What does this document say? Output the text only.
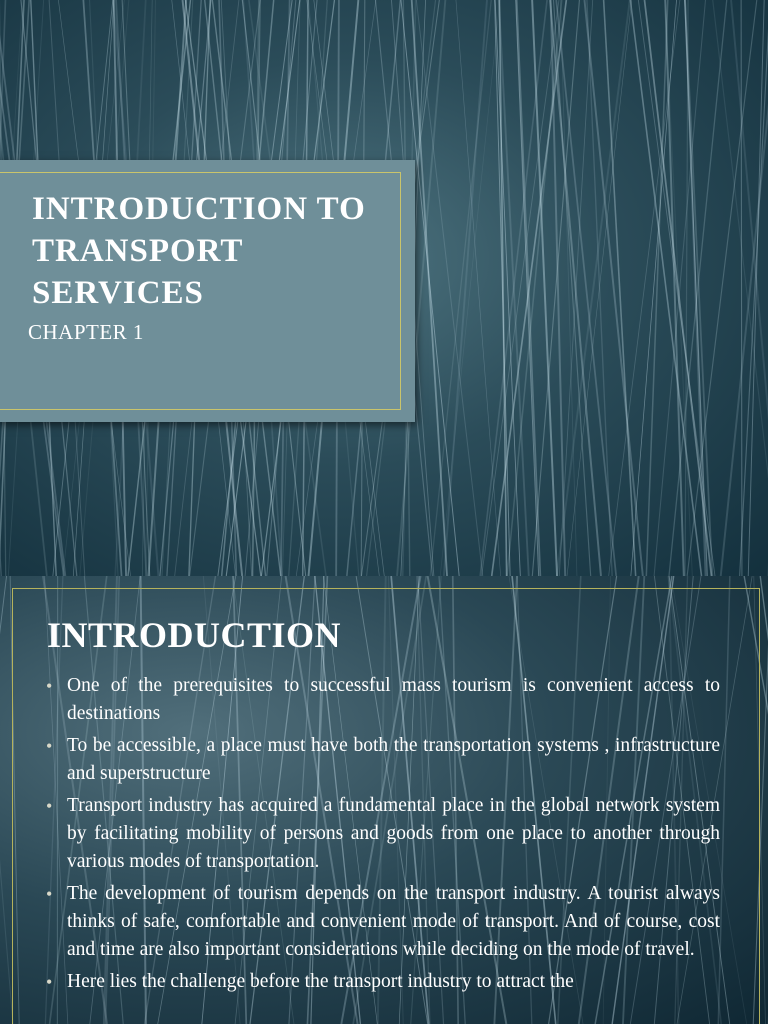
INTRODUCTION TO TRANSPORT SERVICES

CHAPTER 1

INTRODUCTION
• One of the prerequisites to successful mass tourism is convenient access to destinations
• To be accessible, a place must have both the transportation systems , infrastructure and superstructure
• Transport industry has acquired a fundamental place in the global network system by facilitating mobility of persons and goods from one place to another through various modes of transportation.
• The development of tourism depends on the transport industry. A tourist always thinks of safe, comfortable and convenient mode of transport. And of course, cost and time are also important considerations while deciding on the mode of travel.
• Here lies the challenge before the transport industry to attract the
